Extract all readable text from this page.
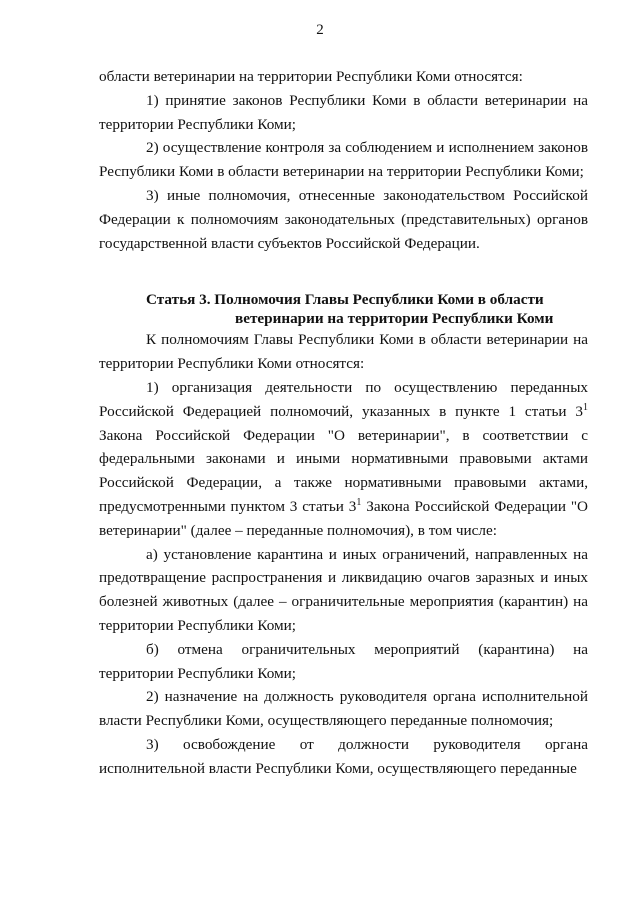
2

области ветеринарии на территории Республики Коми относятся:

1) принятие законов Республики Коми в области ветеринарии на территории Республики Коми;

2) осуществление контроля за соблюдением и исполнением законов Республики Коми в области ветеринарии на территории Республики Коми;

3) иные полномочия, отнесенные законодательством Российской Федерации к полномочиям законодательных (представительных) органов государственной власти субъектов Российской Федерации.

Статья 3. Полномочия Главы Республики Коми в области
ветеринарии на территории Республики Коми

К полномочиям Главы Республики Коми в области ветеринарии на территории Республики Коми относятся:

1) организация деятельности по осуществлению переданных Российской Федерацией полномочий, указанных в пункте 1 статьи $3^1$ Закона Российской Федерации "О ветеринарии", в соответствии с федеральными законами и иными нормативными правовыми актами Российской Федерации, а также нормативными правовыми актами, предусмотренными пунктом 3 статьи $3^1$ Закона Российской Федерации "О ветеринарии" (далее – переданные полномочия), в том числе:

а) установление карантина и иных ограничений, направленных на предотвращение распространения и ликвидацию очагов заразных и иных болезней животных (далее – ограничительные мероприятия (карантин) на территории Республики Коми;

б) отмена ограничительных мероприятий (карантина) на территории Республики Коми;

2) назначение на должность руководителя органа исполнительной власти Республики Коми, осуществляющего переданные полномочия;

3) освобождение от должности руководителя органа исполнительной власти Республики Коми, осуществляющего переданные
